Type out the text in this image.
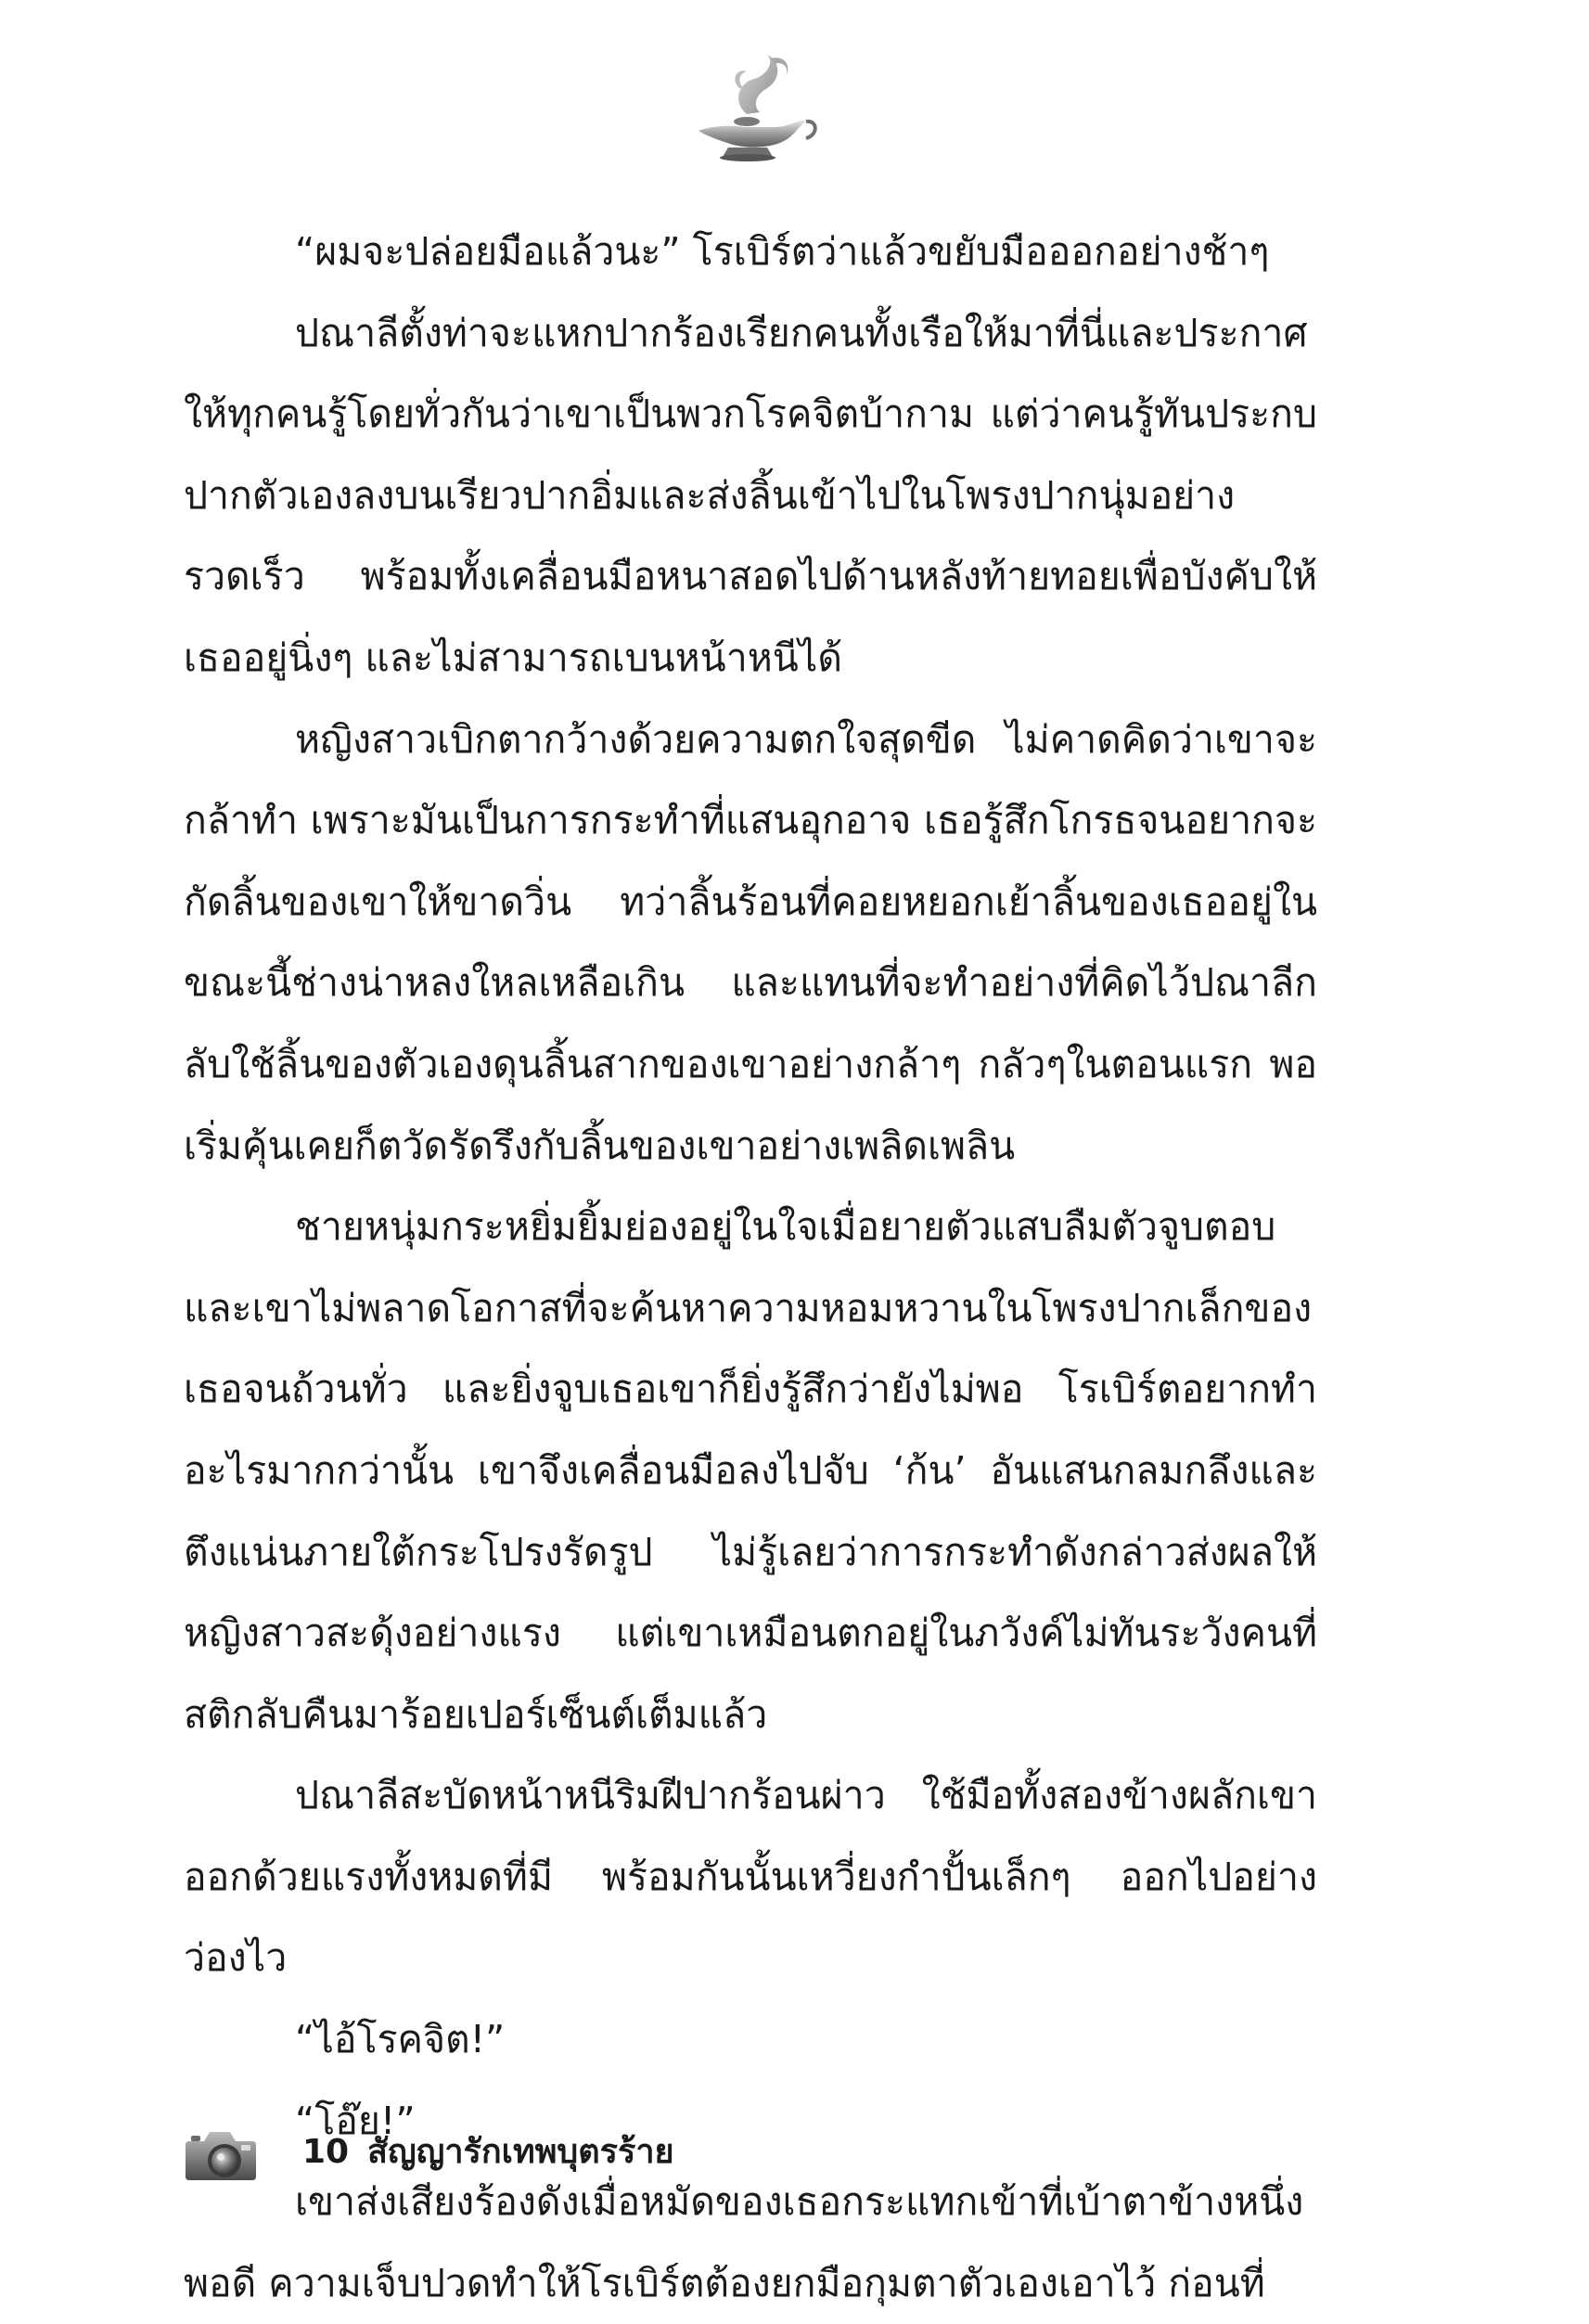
“ผมจะปล่อยมือแล้วนะ” โรเบิร์ตว่าแล้วขยับมือออกอย่างช้าๆ

ปณาลีตั้งท่าจะแหกปากร้องเรียกคนทั้งเรือให้มาที่นี่และประกาศให้ทุกคนรู้โดยทั่วกันว่าเขาเป็นพวกโรคจิตบ้ากาม แต่ว่าคนรู้ทันประกบปากตัวเองลงบนเรียวปากอิ่มและส่งลิ้นเข้าไปในโพรงปากนุ่มอย่างรวดเร็ว พร้อมทั้งเคลื่อนมือหนาสอดไปด้านหลังท้ายทอยเพื่อบังคับให้เธออยู่นิ่งๆ และไม่สามารถเบนหน้าหนีได้

หญิงสาวเบิกตากว้างด้วยความตกใจสุดขีด ไม่คาดคิดว่าเขาจะกล้าทำ เพราะมันเป็นการกระทำที่แสนอุกอาจ เธอรู้สึกโกรธจนอยากจะกัดลิ้นของเขาให้ขาดวิ่น ทว่าลิ้นร้อนที่คอยหยอกเย้าลิ้นของเธออยู่ในขณะนี้ช่างน่าหลงใหลเหลือเกิน และแทนที่จะทำอย่างที่คิดไว้ปณาลีกลับใช้ลิ้นของตัวเองดุนลิ้นสากของเขาอย่างกล้าๆ กลัวๆในตอนแรก พอเริ่มคุ้นเคยก็ตวัดรัดรึงกับลิ้นของเขาอย่างเพลิดเพลิน

ชายหนุ่มกระหยิ่มยิ้มย่องอยู่ในใจเมื่อยายตัวแสบลืมตัวจูบตอบและเขาไม่พลาดโอกาสที่จะค้นหาความหอมหวานในโพรงปากเล็กของเธอจนถ้วนทั่ว และยิ่งจูบเธอเขาก็ยิ่งรู้สึกว่ายังไม่พอ โรเบิร์ตอยากทำอะไรมากกว่านั้น เขาจึงเคลื่อนมือลงไปจับ ‘ก้น’ อันแสนกลมกลึงและตึงแน่นภายใต้กระโปรงรัดรูป ไม่รู้เลยว่าการกระทำดังกล่าวส่งผลให้หญิงสาวสะดุ้งอย่างแรง แต่เขาเหมือนตกอยู่ในภวังค์ไม่ทันระวังคนที่สติกลับคืนมาร้อยเปอร์เซ็นต์เต็มแล้ว

ปณาลีสะบัดหน้าหนีริมฝีปากร้อนผ่าว ใช้มือทั้งสองข้างผลักเขาออกด้วยแรงทั้งหมดที่มี พร้อมกันนั้นเหวี่ยงกำปั้นเล็กๆ ออกไปอย่างว่องไว

“ไอ้โรคจิต!”

“โอ๊ย!”

เขาส่งเสียงร้องดังเมื่อหมัดของเธอกระแทกเข้าที่เบ้าตาข้างหนึ่งพอดี ความเจ็บปวดทำให้โรเบิร์ตต้องยกมือกุมตาตัวเองเอาไว้ ก่อนที่

10 สัญญารักเทพบุตรร้าย
